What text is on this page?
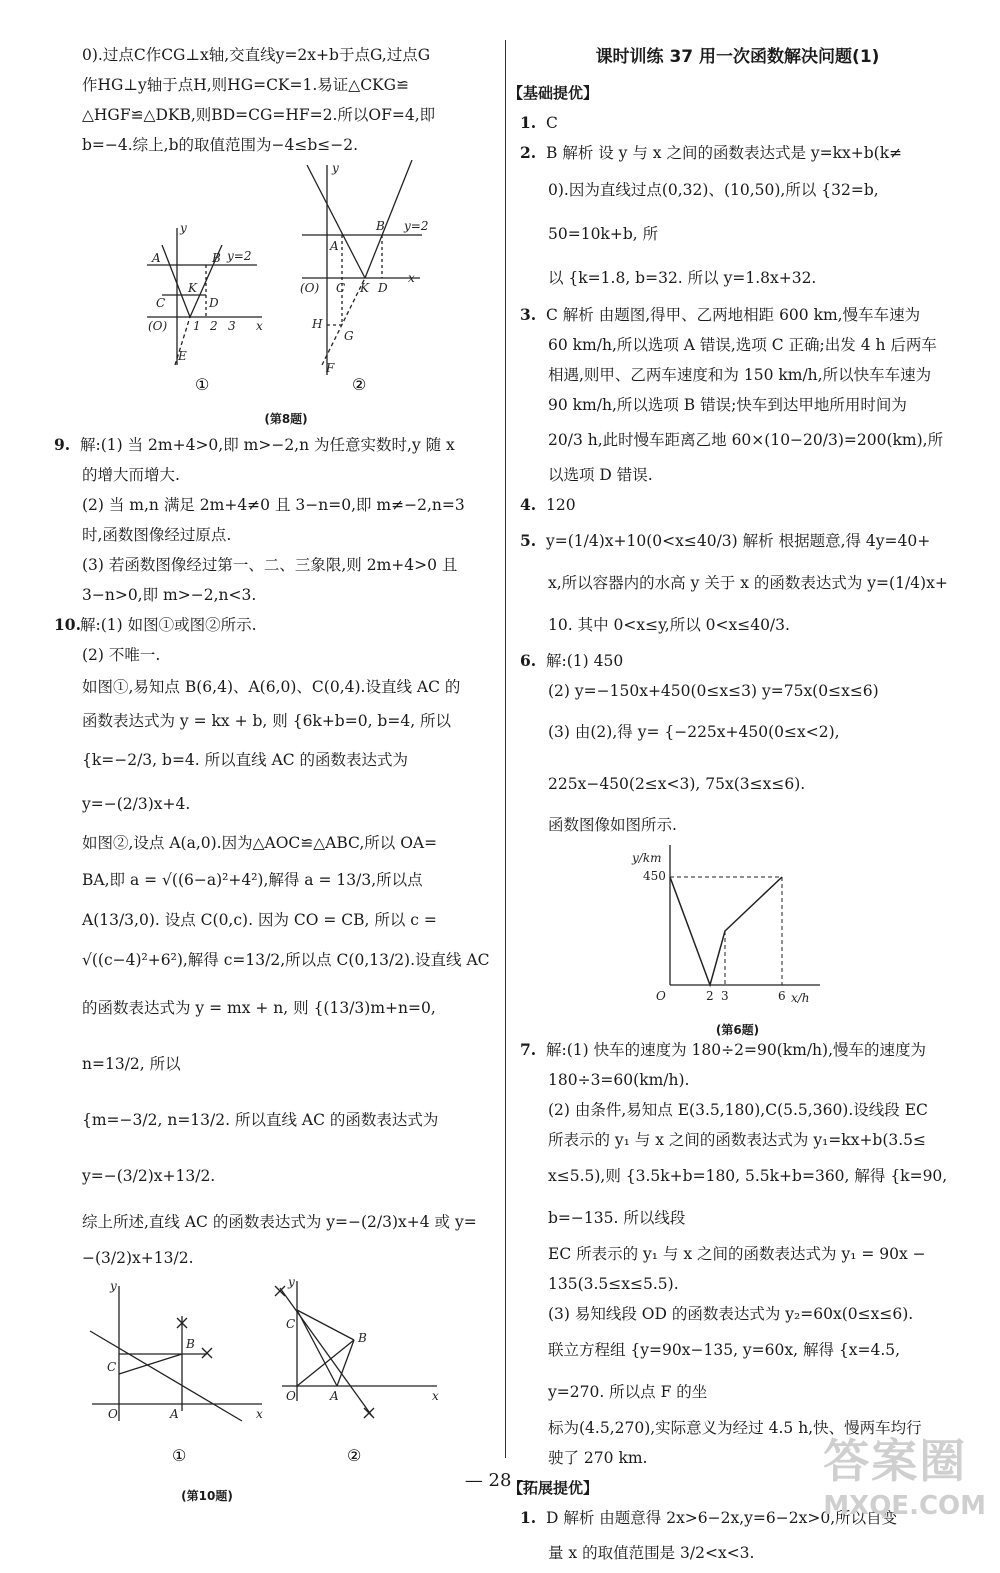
0).过点C作CG⊥x轴,交直线y=2x+b于点G,过点G

作HG⊥y轴于点H,则HG=CK=1.易证△CKG≌

△HGF≌△DKB,则BD=CG=HF=2.所以OF=4,即

b=−4.综上,b的取值范围为−4≤b≤−2.

y
A	B y=2
C
K
D
(O) 1 2 3 x
E
①
y
A
B y=2
(O) C K D
x
H
G
F
②
(第8题)

9. 解:(1) 当 2m+4>0,即 m>−2,n 为任意实数时,y 随 x

的增大而增大.

(2) 当 m,n 满足 2m+4≠0 且 3−n=0,即 m≠−2,n=3

时,函数图像经过原点.

(3) 若函数图像经过第一、二、三象限,则 2m+4>0 且

3−n>0,即 m>−2,n<3.

10.解:(1) 如图①或图②所示.

(2) 不唯一.

如图①,易知点 B(6,4)、A(6,0)、C(0,4).设直线 AC 的

函数表达式为 y = kx + b, 则 {6k+b=0, b=4, 所以

{k=−2/3, b=4. 所以直线 AC 的函数表达式为 y=−(2/3)x+4.

如图②,设点 A(a,0).因为△AOC≌△ABC,所以 OA=

BA,即 a = √((6−a)²+4²),解得 a = 13/3,所以点

A(13/3,0). 设点 C(0,c). 因为 CO = CB, 所以 c =

√((c−4)²+6²),解得 c=13/2,所以点 C(0,13/2).设直线 AC

的函数表达式为 y = mx + n, 则 {(13/3)m+n=0, n=13/2, 所以

{m=−3/2, n=13/2. 所以直线 AC 的函数表达式为 y=−(3/2)x+13/2.

综上所述,直线 AC 的函数表达式为 y=−(2/3)x+4 或 y=

−(3/2)x+13/2.

y
C
B
O	A	x
①
y
C
B
O	A	x
②
(第10题)
课时训练 37 用一次函数解决问题(1)

【基础提优】

1. C

2. B 解析 设 y 与 x 之间的函数表达式是 y=kx+b(k≠

0).因为直线过点(0,32)、(10,50),所以 {32=b, 50=10k+b, 所

以 {k=1.8, b=32. 所以 y=1.8x+32.

3. C 解析 由题图,得甲、乙两地相距 600 km,慢车车速为

60 km/h,所以选项 A 错误,选项 C 正确;出发 4 h 后两车

相遇,则甲、乙两车速度和为 150 km/h,所以快车车速为

90 km/h,所以选项 B 错误;快车到达甲地所用时间为

20/3 h,此时慢车距离乙地 60×(10−20/3)=200(km),所

以选项 D 错误.

4. 120

5. y=(1/4)x+10(0<x≤40/3) 解析 根据题意,得 4y=40+

x,所以容器内的水高 y 关于 x 的函数表达式为 y=(1/4)x+

10. 其中 0<x≤y,所以 0<x≤40/3.

6. 解:(1) 450

(2) y=−150x+450(0≤x≤3) y=75x(0≤x≤6)

(3) 由(2),得 y= {−225x+450(0≤x<2), 225x−450(2≤x<3), 75x(3≤x≤6).

函数图像如图所示.

y/km
450
O	2 3	6 x/h
(第6题)

7. 解:(1) 快车的速度为 180÷2=90(km/h),慢车的速度为

180÷3=60(km/h).

(2) 由条件,易知点 E(3.5,180),C(5.5,360).设线段 EC

所表示的 y₁ 与 x 之间的函数表达式为 y₁=kx+b(3.5≤

x≤5.5),则 {3.5k+b=180, 5.5k+b=360, 解得 {k=90, b=−135. 所以线段

EC 所表示的 y₁ 与 x 之间的函数表达式为 y₁ = 90x −

135(3.5≤x≤5.5).

(3) 易知线段 OD 的函数表达式为 y₂=60x(0≤x≤6).

联立方程组 {y=90x−135, y=60x, 解得 {x=4.5, y=270. 所以点 F 的坐

标为(4.5,270),实际意义为经过 4.5 h,快、慢两车均行

驶了 270 km.

【拓展提优】

1. D 解析 由题意得 2x>6−2x,y=6−2x>0,所以自变

量 x 的取值范围是 3/2<x<3.

— 28 —	答案圈
MXQE.COM
